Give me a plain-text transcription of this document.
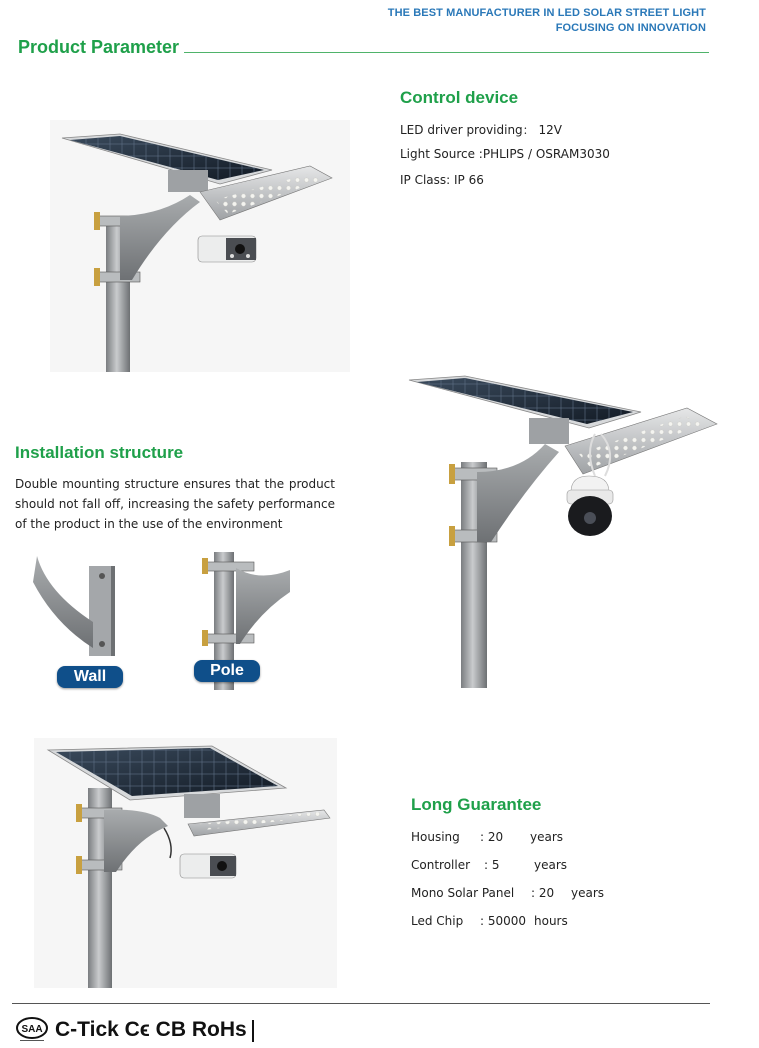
THE BEST MANUFACTURER IN LED SOLAR STREET LIGHT
FOCUSING ON INNOVATION
Product Parameter
Control device
LED driver providing： 12V
Light Source :PHLIPS / OSRAM3030
IP Class: IP 66
Installation structure
Double mounting structure ensures that the product should not fall off, increasing the safety performance of the product in the use of the environment
Wall	Pole
Long Guarantee
Housing : 20 years
Controller : 5	years
Mono Solar Panel : 20 years
Led Chip : 50000 hours
SAA C-Tick Ϲϵ CB RoHs
